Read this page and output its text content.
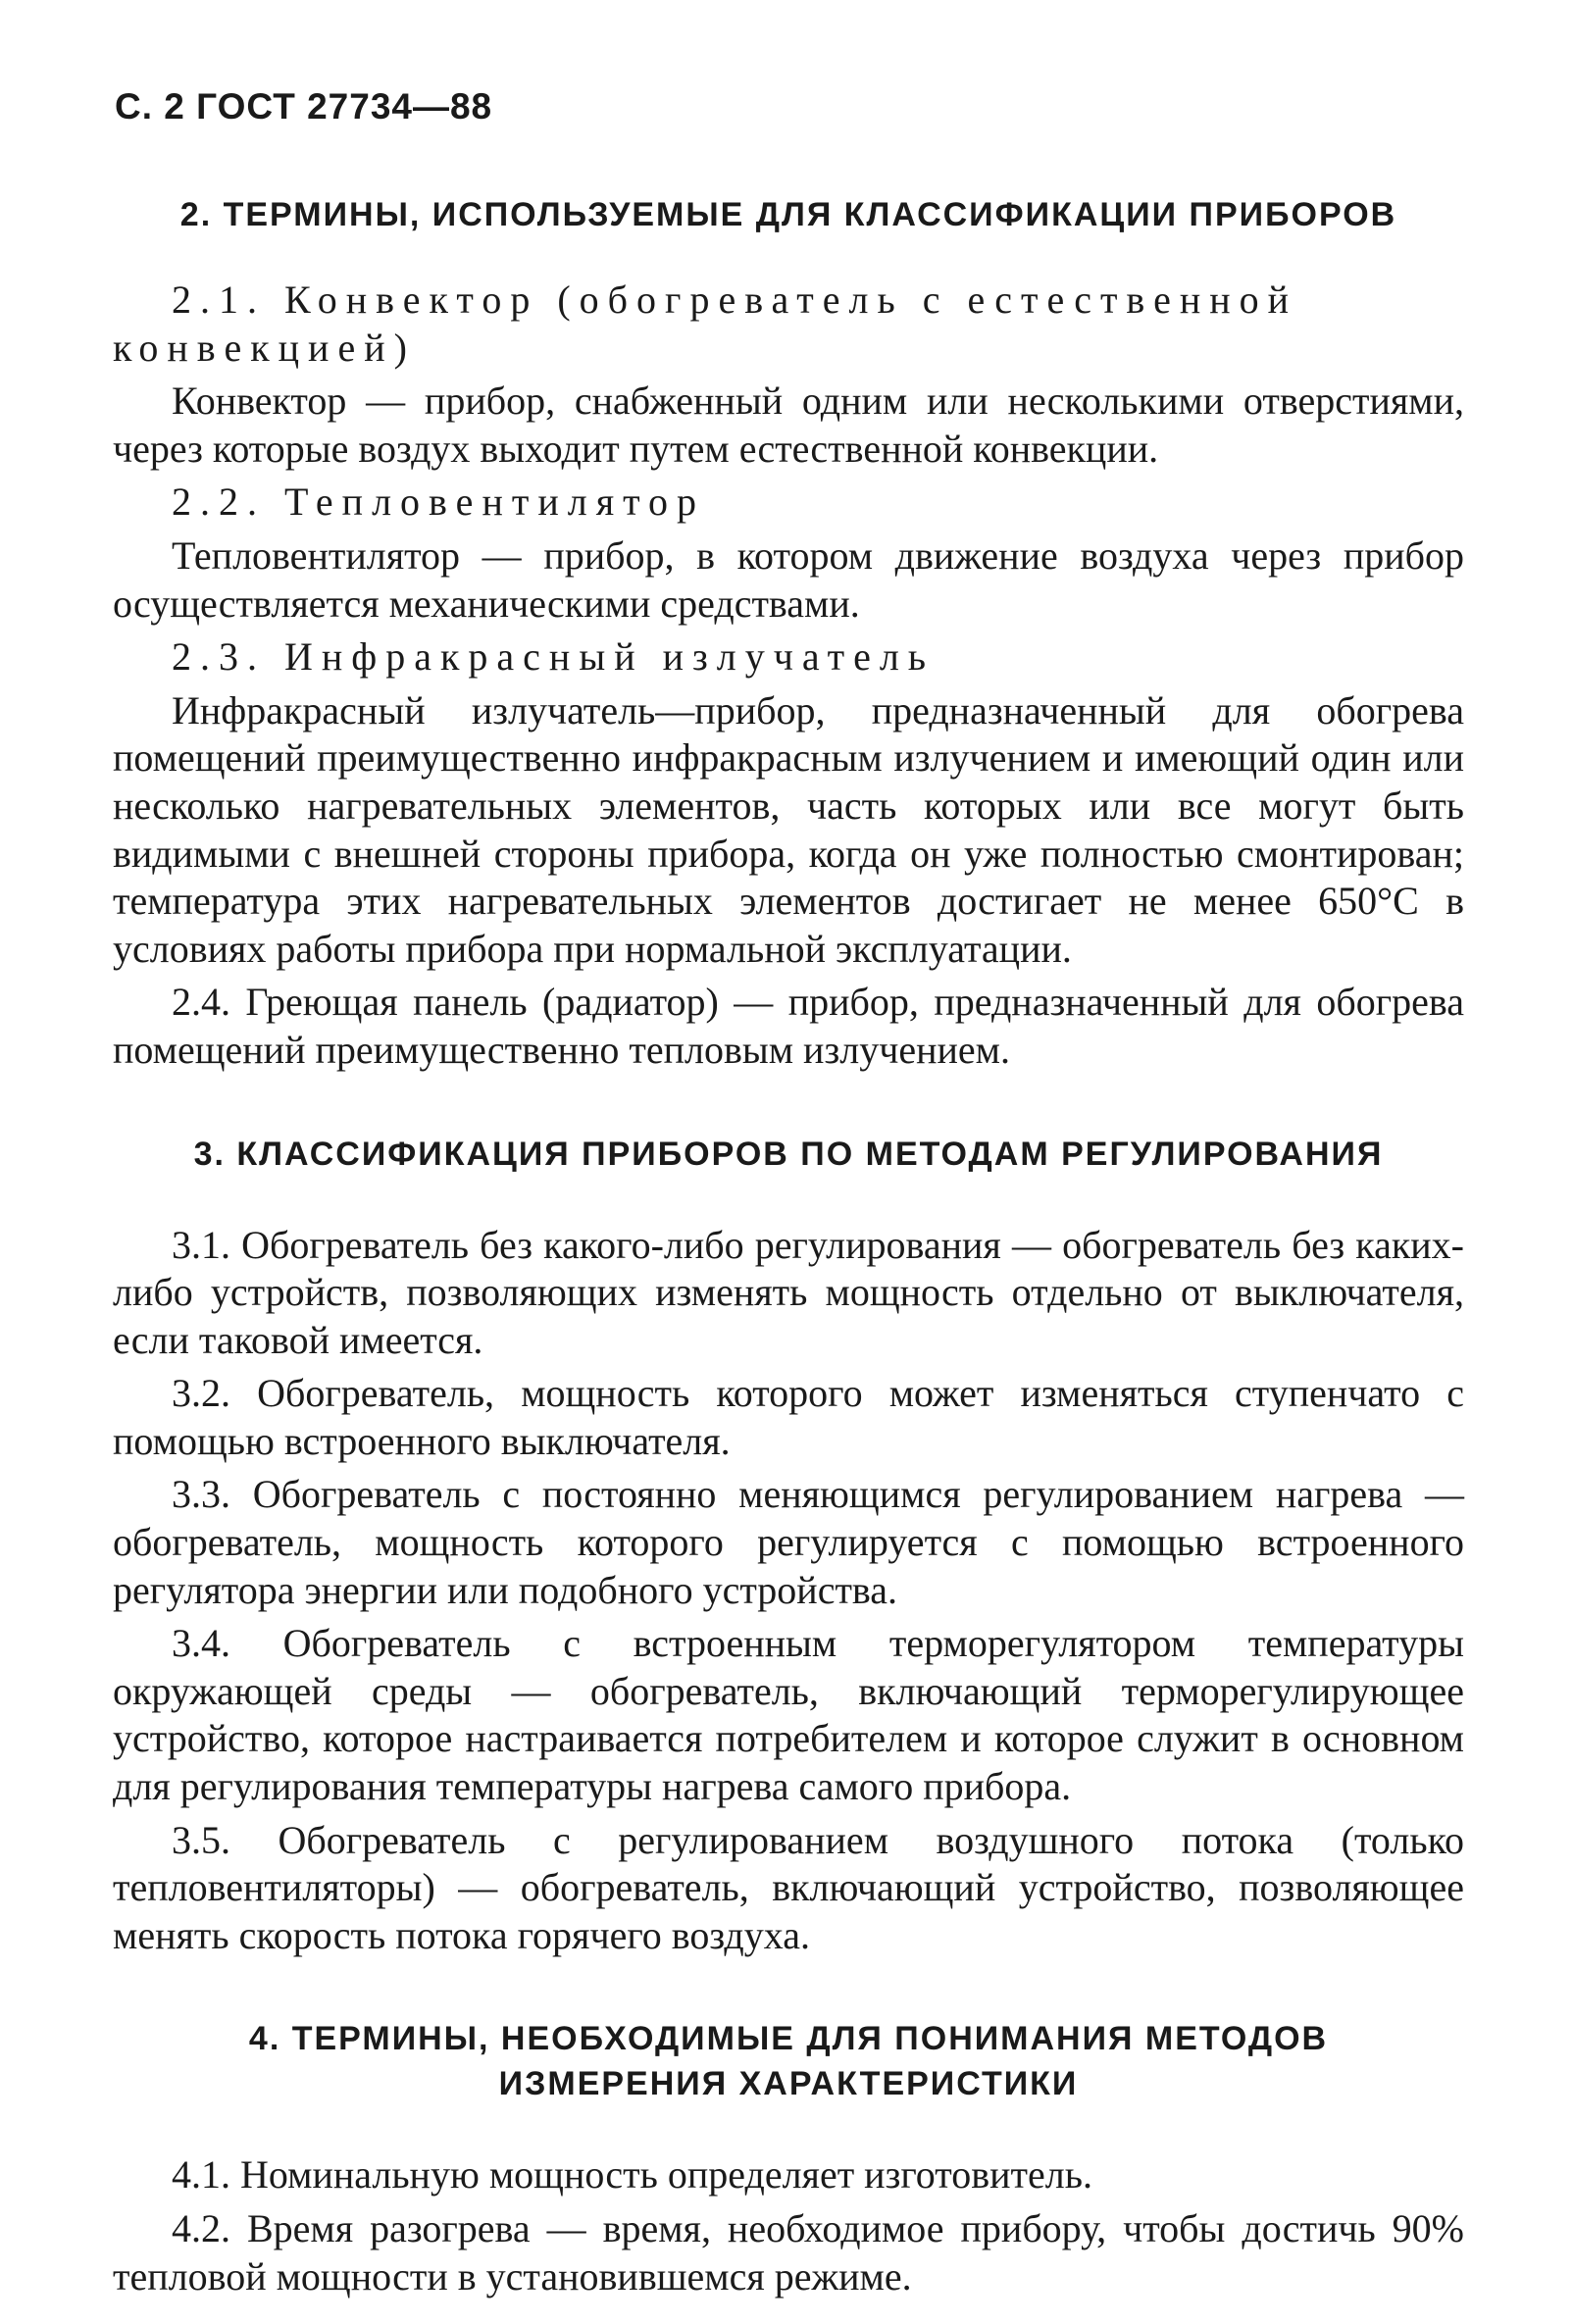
С. 2 ГОСТ 27734—88
2. ТЕРМИНЫ, ИСПОЛЬЗУЕМЫЕ ДЛЯ КЛАССИФИКАЦИИ ПРИБОРОВ

2.1. Конвектор (обогреватель с естественной

конвекцией)

Конвектор — прибор, снабженный одним или несколькими отверстиями, через которые воздух выходит путем естественной конвекции.

2.2. Тепловентилятор

Тепловентилятор — прибор, в котором движение воздуха через прибор осуществляется механическими средствами.

2.3. Инфракрасный излучатель

Инфракрасный излучатель—прибор, предназначенный для обогрева помещений преимущественно инфракрасным излучением и имеющий один или несколько нагревательных элементов, часть которых или все могут быть видимыми с внешней стороны прибора, когда он уже полностью смонтирован; температура этих нагревательных элементов достигает не менее 650°С в условиях работы прибора при нормальной эксплуатации.

2.4. Греющая панель (радиатор) — прибор, предназначенный для обогрева помещений преимущественно тепловым излучением.

3. КЛАССИФИКАЦИЯ ПРИБОРОВ ПО МЕТОДАМ РЕГУЛИРОВАНИЯ

3.1. Обогреватель без какого-либо регулирования — обогреватель без каких-либо устройств, позволяющих изменять мощность отдельно от выключателя, если таковой имеется.

3.2. Обогреватель, мощность которого может изменяться ступенчато с помощью встроенного выключателя.

3.3. Обогреватель с постоянно меняющимся регулированием нагрева — обогреватель, мощность которого регулируется с помощью встроенного регулятора энергии или подобного устройства.

3.4. Обогреватель с встроенным терморегулятором температуры окружающей среды — обогреватель, включающий терморегулирующее устройство, которое настраивается потребителем и которое служит в основном для регулирования температуры нагрева самого прибора.

3.5. Обогреватель с регулированием воздушного потока (только тепловентиляторы) — обогреватель, включающий устройство, позволяющее менять скорость потока горячего воздуха.

4. ТЕРМИНЫ, НЕОБХОДИМЫЕ ДЛЯ ПОНИМАНИЯ МЕТОДОВ
ИЗМЕРЕНИЯ ХАРАКТЕРИСТИКИ

4.1. Номинальную мощность определяет изготовитель.

4.2. Время разогрева — время, необходимое прибору, чтобы достичь 90% тепловой мощности в установившемся режиме.
